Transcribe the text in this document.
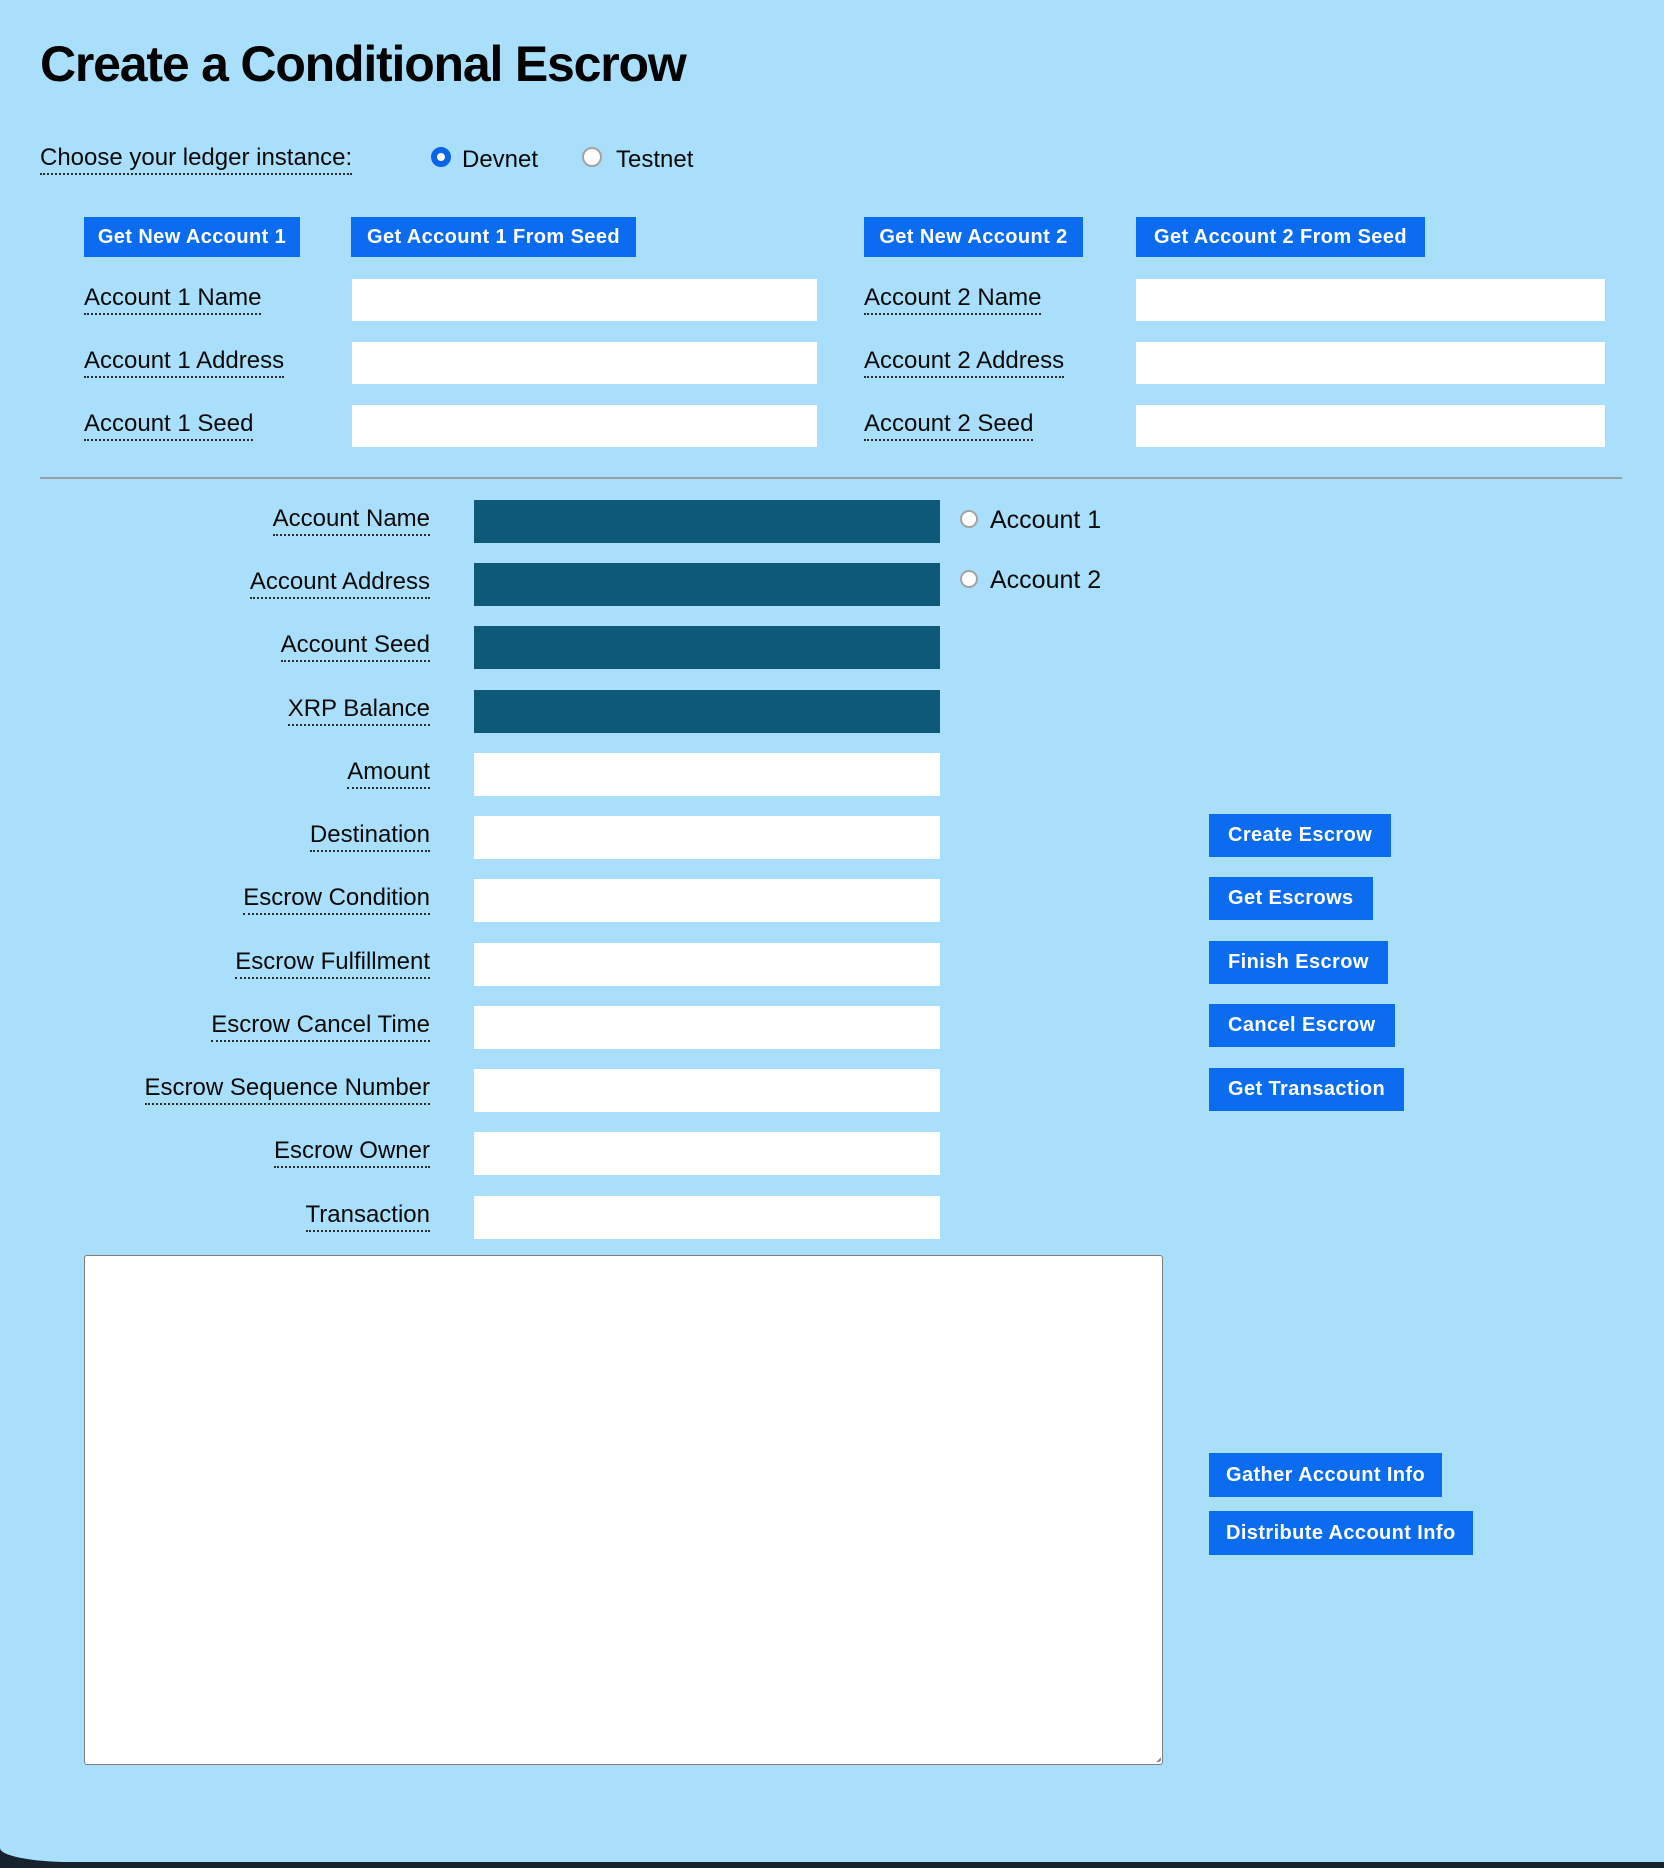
Create a Conditional Escrow
Choose your ledger instance:	Devnet	Testnet
Get New Account 1	Get Account 1 From Seed	Get New Account 2	Get Account 2 From Seed
Account 1 Name
Account 1 Address
Account 1 Seed
Account 2 Name
Account 2 Address
Account 2 Seed
Account Name
Account Address
Account Seed
XRP Balance
Amount
Destination
Escrow Condition
Escrow Fulfillment
Escrow Cancel Time
Escrow Sequence Number
Escrow Owner
Transaction
Account 1
Account 2
Create Escrow
Get Escrows
Finish Escrow
Cancel Escrow
Get Transaction
Gather Account Info
Distribute Account Info
